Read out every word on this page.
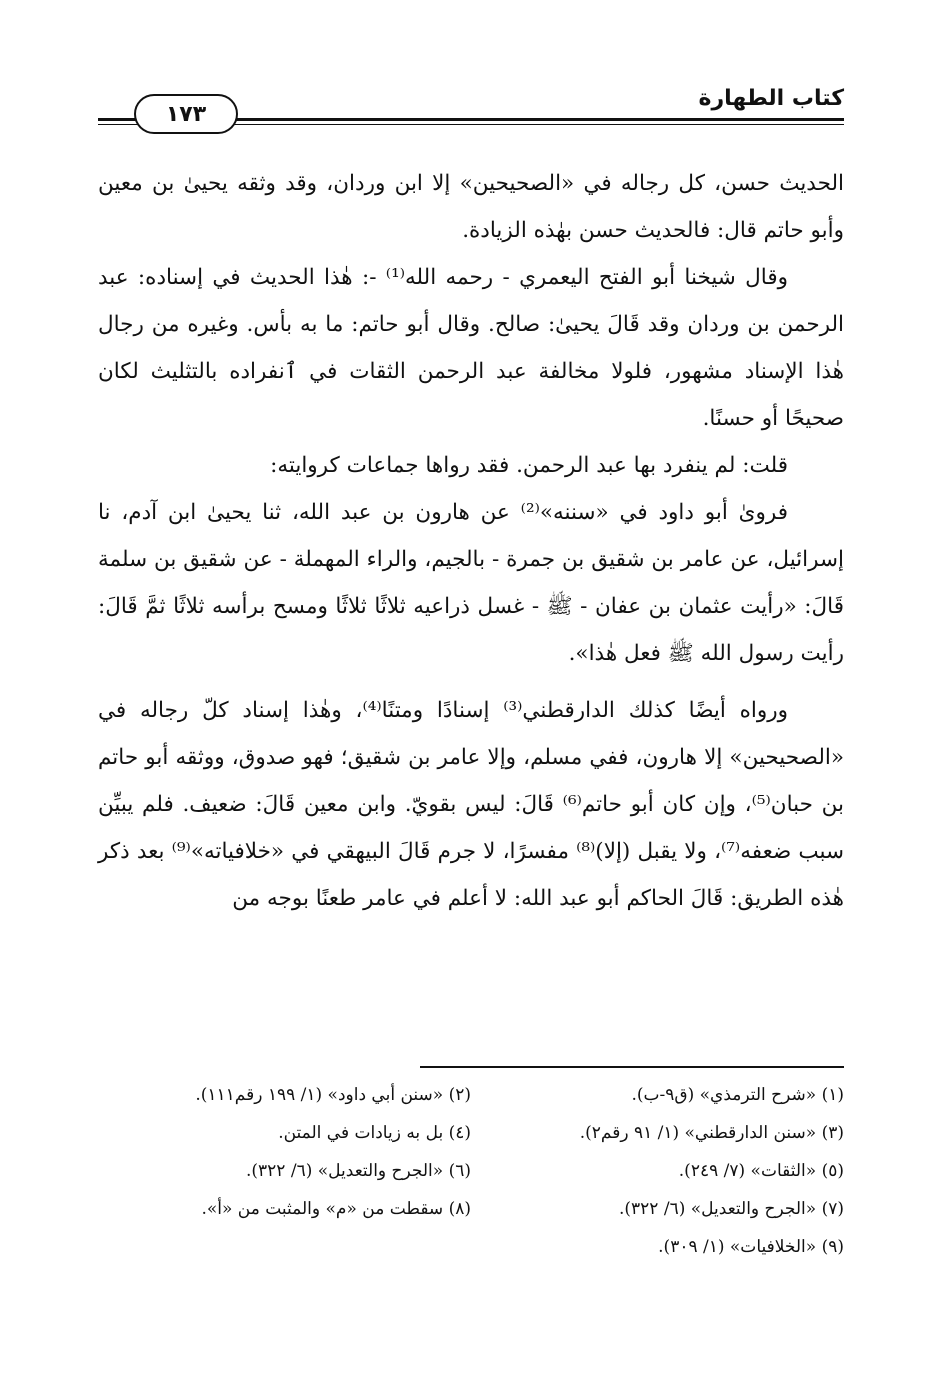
كتاب الطهارة
١٧٣

الحديث حسن، كل رجاله في «الصحيحين» إلا ابن وردان، وقد وثقه يحيىٰ بن معين وأبو حاتم قال: فالحديث حسن بهٰذه الزيادة.

وقال شيخنا أبو الفتح اليعمري - رحمه الله⁽¹⁾ -: هٰذا الحديث في إسناده: عبد الرحمن بن وردان وقد قَالَ يحيىٰ: صالح. وقال أبو حاتم: ما به بأس. وغيره من رجال هٰذا الإسناد مشهور، فلولا مخالفة عبد الرحمن الثقات في ٱنفراده بالتثليث لكان صحيحًا أو حسنًا.

قلت: لم ينفرد بها عبد الرحمن. فقد رواها جماعات كروايته:

فروىٰ أبو داود في «سننه»⁽²⁾ عن هارون بن عبد الله، ثنا يحيىٰ ابن آدم، نا إسرائيل، عن عامر بن شقيق بن جمرة - بالجيم، والراء المهملة - عن شقيق بن سلمة قَالَ: «رأيت عثمان بن عفان - ﷺ - غسل ذراعيه ثلاثًا ثلاثًا ومسح برأسه ثلاثًا ثمَّ قَالَ: رأيت رسول الله ﷺ فعل هٰذا».

ورواه أيضًا كذلك الدارقطني⁽³⁾ إسنادًا ومتنًا⁽⁴⁾، وهٰذا إسناد كلّ رجاله في «الصحيحين» إلا هارون، ففي مسلم، وإلا عامر بن شقيق؛ فهو صدوق، ووثقه أبو حاتم بن حبان⁽⁵⁾، وإن كان أبو حاتم⁽⁶⁾ قَالَ: ليس بقويّ. وابن معين قَالَ: ضعيف. فلم يبيِّن سبب ضعفه⁽⁷⁾، ولا يقبل (إلا)⁽⁸⁾ مفسرًا، لا جرم قَالَ البيهقي في «خلافياته»⁽⁹⁾ بعد ذكر هٰذه الطريق: قَالَ الحاكم أبو عبد الله: لا أعلم في عامر طعنًا بوجه من

(١) «شرح الترمذي» (ق٩-ب).
(٢) «سنن أبي داود» (١/ ١٩٩ رقم١١١).
(٣) «سنن الدارقطني» (١/ ٩١ رقم٢).
(٤) بل به زيادات في المتن.
(٥) «الثقات» (٧/ ٢٤٩).
(٦) «الجرح والتعديل» (٦/ ٣٢٢).
(٧) «الجرح والتعديل» (٦/ ٣٢٢).
(٨) سقطت من «م» والمثبت من «أ».
(٩) «الخلافيات» (١/ ٣٠٩).
